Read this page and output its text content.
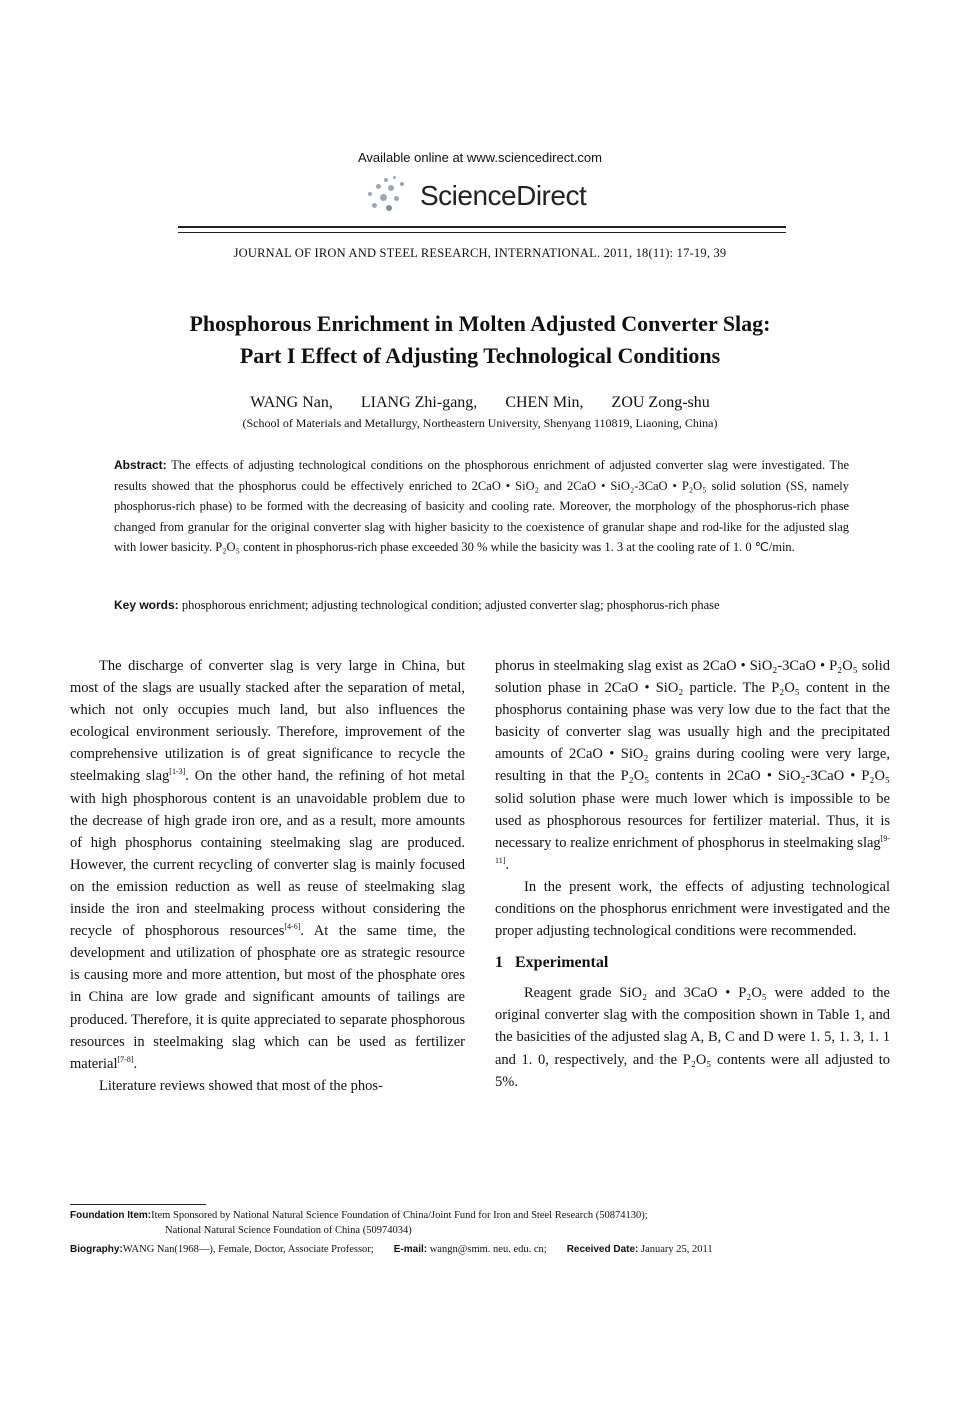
Available online at www.sciencedirect.com
ScienceDirect
JOURNAL OF IRON AND STEEL RESEARCH, INTERNATIONAL. 2011, 18(11): 17-19, 39
Phosphorous Enrichment in Molten Adjusted Converter Slag:
Part I Effect of Adjusting Technological Conditions
WANG Nan, LIANG Zhi-gang, CHEN Min, ZOU Zong-shu
(School of Materials and Metallurgy, Northeastern University, Shenyang 110819, Liaoning, China)
Abstract: The effects of adjusting technological conditions on the phosphorous enrichment of adjusted converter slag were investigated. The results showed that the phosphorus could be effectively enriched to 2CaO • SiO₂ and 2CaO • SiO₂-3CaO • P₂O₅ solid solution (SS, namely phosphorus-rich phase) to be formed with the decreasing of basicity and cooling rate. Moreover, the morphology of the phosphorus-rich phase changed from granular for the original converter slag with higher basicity to the coexistence of granular shape and rod-like for the adjusted slag with lower basicity. P₂O₅ content in phosphorus-rich phase exceeded 30 % while the basicity was 1. 3 at the cooling rate of 1. 0 ℃/min.
Key words: phosphorous enrichment; adjusting technological condition; adjusted converter slag; phosphorus-rich phase

The discharge of converter slag is very large in China, but most of the slags are usually stacked after the separation of metal, which not only occupies much land, but also influences the ecological environment seriously. Therefore, improvement of the comprehensive utilization is of great significance to recycle the steelmaking slag[1-3]. On the other hand, the refining of hot metal with high phosphorous content is an unavoidable problem due to the decrease of high grade iron ore, and as a result, more amounts of high phosphorus containing steelmaking slag are produced. However, the current recycling of converter slag is mainly focused on the emission reduction as well as reuse of steelmaking slag inside the iron and steelmaking process without considering the recycle of phosphorous resources[4-6]. At the same time, the development and utilization of phosphate ore as strategic resource is causing more and more attention, but most of the phosphate ores in China are low grade and significant amounts of tailings are produced. Therefore, it is quite appreciated to separate phosphorous resources in steelmaking slag which can be used as fertilizer material[7-8].

Literature reviews showed that most of the phos-

phorus in steelmaking slag exist as 2CaO • SiO₂-3CaO • P₂O₅ solid solution phase in 2CaO • SiO₂ particle. The P₂O₅ content in the phosphorus containing phase was very low due to the fact that the basicity of converter slag was usually high and the precipitated amounts of 2CaO • SiO₂ grains during cooling were very large, resulting in that the P₂O₅ contents in 2CaO • SiO₂-3CaO • P₂O₅ solid solution phase were much lower which is impossible to be used as phosphorous resources for fertilizer material. Thus, it is necessary to realize enrichment of phosphorus in steelmaking slag[9-11].

In the present work, the effects of adjusting technological conditions on the phosphorus enrichment were investigated and the proper adjusting technological conditions were recommended.

1 Experimental

Reagent grade SiO₂ and 3CaO • P₂O₅ were added to the original converter slag with the composition shown in Table 1, and the basicities of the adjusted slag A, B, C and D were 1. 5, 1. 3, 1. 1 and 1. 0, respectively, and the P₂O₅ contents were all adjusted to 5%.

Foundation Item:Item Sponsored by National Natural Science Foundation of China/Joint Fund for Iron and Steel Research (50874130);
National Natural Science Foundation of China (50974034)
Biography:WANG Nan(1968—), Female, Doctor, Associate Professor; E-mail: wangn@smm. neu. edu. cn; Received Date: January 25, 2011
